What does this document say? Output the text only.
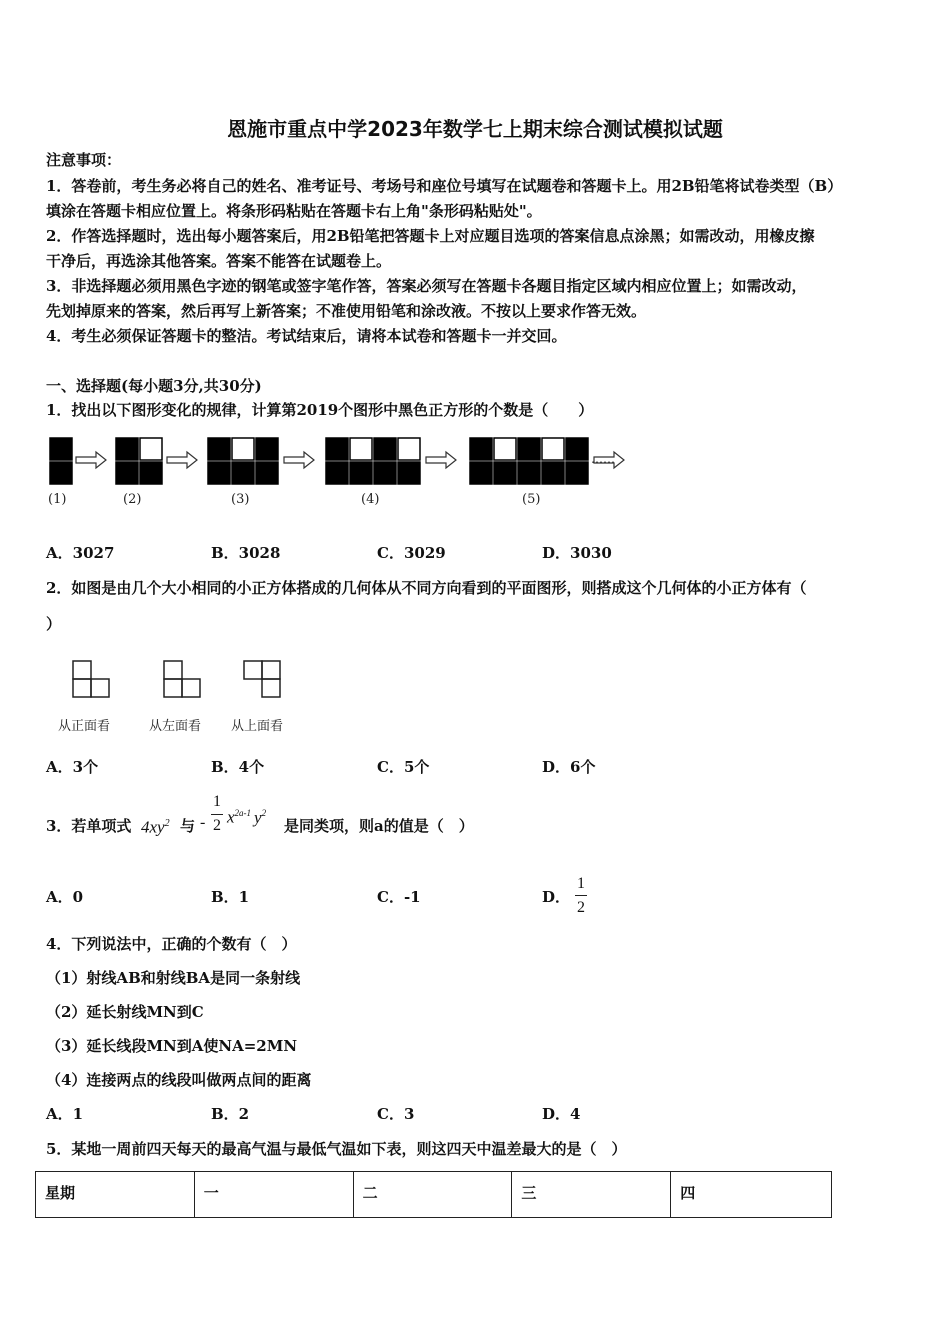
恩施市重点中学2023年数学七上期末综合测试模拟试题
注意事项：
1．答卷前，考生务必将自己的姓名、准考证号、考场号和座位号填写在试题卷和答题卡上。用2B铅笔将试卷类型（B）
填涂在答题卡相应位置上。将条形码粘贴在答题卡右上角"条形码粘贴处"。
2．作答选择题时，选出每小题答案后，用2B铅笔把答题卡上对应题目选项的答案信息点涂黑；如需改动，用橡皮擦
干净后，再选涂其他答案。答案不能答在试题卷上。
3．非选择题必须用黑色字迹的钢笔或签字笔作答，答案必须写在答题卡各题目指定区域内相应位置上；如需改动，
先划掉原来的答案，然后再写上新答案；不准使用铅笔和涂改液。不按以上要求作答无效。
4．考生必须保证答题卡的整洁。考试结束后，请将本试卷和答题卡一并交回。
一、选择题(每小题3分,共30分)
1．找出以下图形变化的规律，计算第2019个图形中黑色正方形的个数是（　　）
……
(1)	(2)	(3)	(4)	(5)
A．3027	B．3028	C．3029	D．3030
2．如图是由几个大小相同的小正方体搭成的几何体从不同方向看到的平面图形，则搭成这个几何体的小正方体有（
）
从正面看	从左面看 从上面看
A．3个	B．4个	C．5个	D．6个
3．若单项式 $4xy^2$ 与 -
1
2 $x^{2a-1}$ $y^2$
是同类项，则a的值是（　）
A．0	B．1	C．-1	D．
1
2
4．下列说法中，正确的个数有（　）
（1）射线AB和射线BA是同一条射线
（2）延长射线MN到C
（3）延长线段MN到A使NA=2MN
（4）连接两点的线段叫做两点间的距离
A．1	B．2	C．3	D．4
5．某地一周前四天每天的最高气温与最低气温如下表，则这四天中温差最大的是（　）
星期	一	二	三	四
